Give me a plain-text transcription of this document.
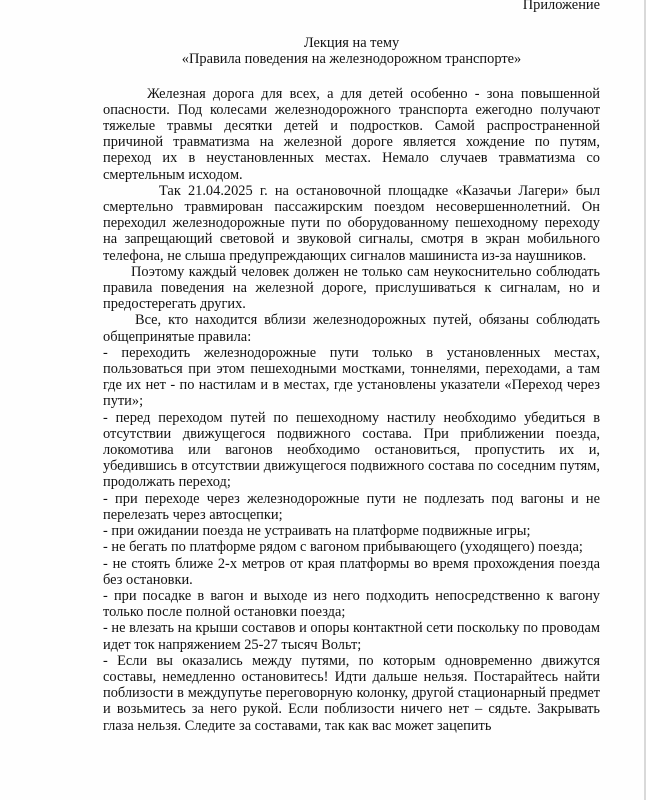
Приложение
Лекция на тему
«Правила поведения на железнодорожном транспорте»

Железная дорога для всех, а для детей особенно - зона повышенной опасности. Под колесами железнодорожного транспорта ежегодно получают тяжелые травмы десятки детей и подростков. Самой распространенной причиной травматизма на железной дороге является хождение по путям, переход их в неустановленных местах. Немало случаев травматизма со смертельным исходом.

Так 21.04.2025 г. на остановочной площадке «Казачьи Лагери» был смертельно травмирован пассажирским поездом несовершеннолетний. Он переходил железнодорожные пути по оборудованному пешеходному переходу на запрещающий световой и звуковой сигналы, смотря в экран мобильного телефона, не слыша предупреждающих сигналов машиниста из-за наушников.

Поэтому каждый человек должен не только сам неукоснительно соблюдать правила поведения на железной дороге, прислушиваться к сигналам, но и предостерегать других.

Все, кто находится вблизи железнодорожных путей, обязаны соблюдать общепринятые правила:

- переходить железнодорожные пути только в установленных местах, пользоваться при этом пешеходными мостками, тоннелями, переходами, а там где их нет - по настилам и в местах, где установлены указатели «Переход через пути»;

- перед переходом путей по пешеходному настилу необходимо убедиться в отсутствии движущегося подвижного состава. При приближении поезда, локомотива или вагонов необходимо остановиться, пропустить их и, убедившись в отсутствии движущегося подвижного состава по соседним путям, продолжать переход;

- при переходе через железнодорожные пути не подлезать под вагоны и не перелезать через автосцепки;

- при ожидании поезда не устраивать на платформе подвижные игры;

- не бегать по платформе рядом с вагоном прибывающего (уходящего) поезда;

- не стоять ближе 2-х метров от края платформы во время прохождения поезда без остановки.

- при посадке в вагон и выходе из него подходить непосредственно к вагону только после полной остановки поезда;

- не влезать на крыши составов и опоры контактной сети поскольку по проводам идет ток напряжением 25-27 тысяч Вольт;

- Если вы оказались между путями, по которым одновременно движутся составы, немедленно остановитесь! Идти дальше нельзя. Постарайтесь найти поблизости в междупутье переговорную колонку, другой стационарный предмет и возьмитесь за него рукой. Если поблизости ничего нет – сядьте. Закрывать глаза нельзя. Следите за составами, так как вас может зацепить
